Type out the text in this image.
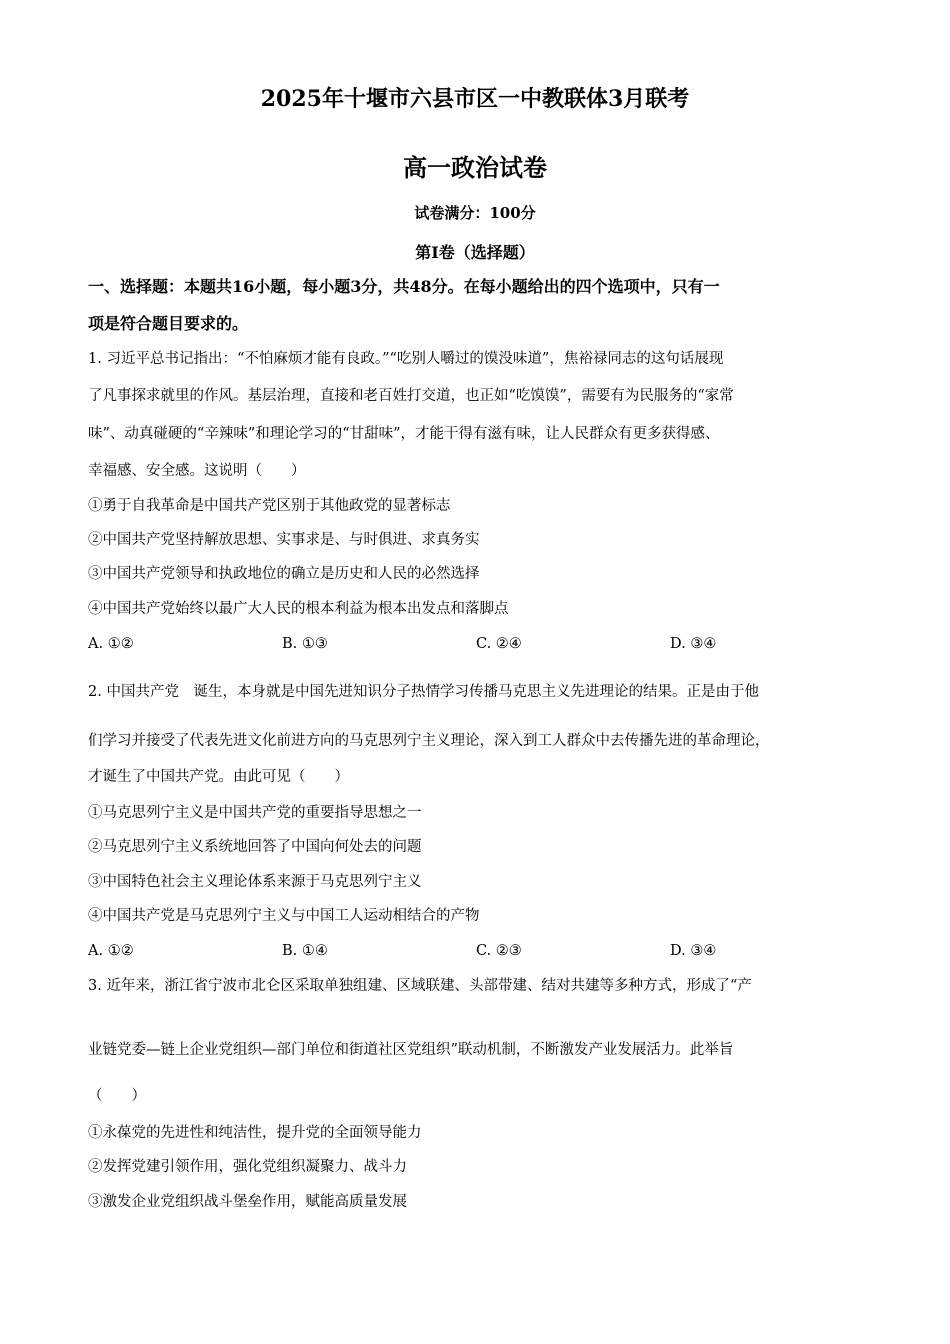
2025年十堰市六县市区一中教联体3月联考
高一政治试卷
试卷满分：100分
第Ⅰ卷（选择题）
一、选择题：本题共16小题，每小题3分，共48分。在每小题给出的四个选项中，只有一
项是符合题目要求的。
1. 习近平总书记指出：“不怕麻烦才能有良政。”“吃别人嚼过的馍没味道”，焦裕禄同志的这句话展现
了凡事探求就里的作风。基层治理，直接和老百姓打交道，也正如“吃馍馍”，需要有为民服务的“家常
味”、动真碰硬的“辛辣味”和理论学习的“甘甜味”，才能干得有滋有味，让人民群众有更多获得感、
幸福感、安全感。这说明（　　）
①勇于自我革命是中国共产党区别于其他政党的显著标志
②中国共产党坚持解放思想、实事求是、与时俱进、求真务实
③中国共产党领导和执政地位的确立是历史和人民的必然选择
④中国共产党始终以最广大人民的根本利益为根本出发点和落脚点
A. ①②	B. ①③	C. ②④	D. ③④
2. 中国共产党　诞生，本身就是中国先进知识分子热情学习传播马克思主义先进理论的结果。正是由于他
们学习并接受了代表先进文化前进方向的马克思列宁主义理论，深入到工人群众中去传播先进的革命理论，
才诞生了中国共产党。由此可见（　　）
①马克思列宁主义是中国共产党的重要指导思想之一
②马克思列宁主义系统地回答了中国向何处去的问题
③中国特色社会主义理论体系来源于马克思列宁主义
④中国共产党是马克思列宁主义与中国工人运动相结合的产物
A. ①②	B. ①④	C. ②③	D. ③④
3. 近年来，浙江省宁波市北仑区采取单独组建、区域联建、头部带建、结对共建等多种方式，形成了“产
业链党委—链上企业党组织—部门单位和街道社区党组织”联动机制，不断激发产业发展活力。此举旨
（　　）
①永葆党的先进性和纯洁性，提升党的全面领导能力
②发挥党建引领作用，强化党组织凝聚力、战斗力
③激发企业党组织战斗堡垒作用，赋能高质量发展
